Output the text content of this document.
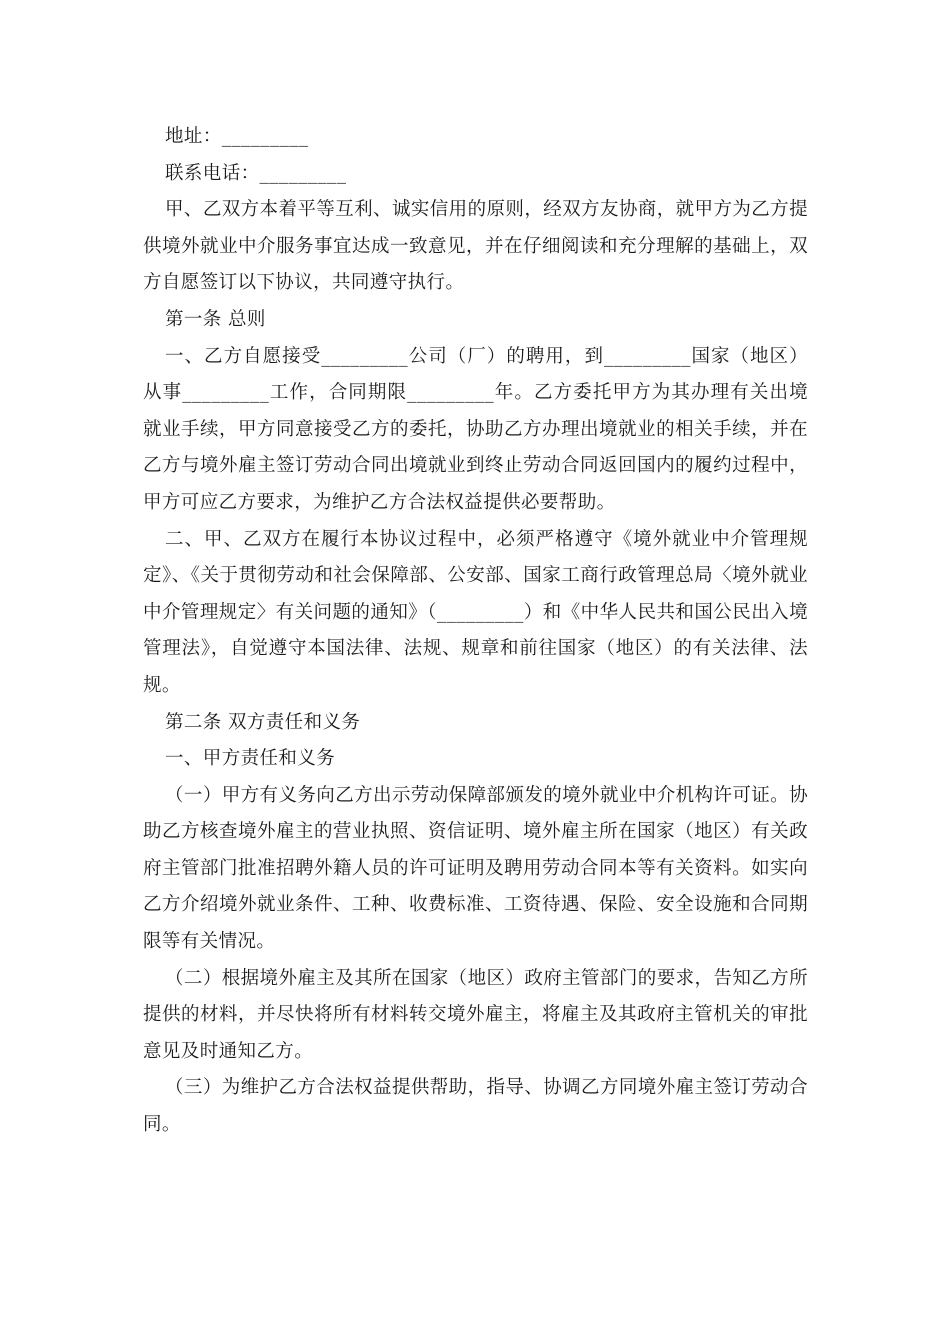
地址：_________

联系电话：_________

甲、乙双方本着平等互利、诚实信用的原则，经双方友协商，就甲方为乙方提供境外就业中介服务事宜达成一致意见，并在仔细阅读和充分理解的基础上，双方自愿签订以下协议，共同遵守执行。

第一条 总则

一、乙方自愿接受_________公司（厂）的聘用，到_________国家（地区）从事_________工作，合同期限_________年。乙方委托甲方为其办理有关出境就业手续，甲方同意接受乙方的委托，协助乙方办理出境就业的相关手续，并在乙方与境外雇主签订劳动合同出境就业到终止劳动合同返回国内的履约过程中，甲方可应乙方要求，为维护乙方合法权益提供必要帮助。

二、甲、乙双方在履行本协议过程中，必须严格遵守《境外就业中介管理规定》、《关于贯彻劳动和社会保障部、公安部、国家工商行政管理总局〈境外就业中介管理规定〉有关问题的通知》（_________）和《中华人民共和国公民出入境管理法》，自觉遵守本国法律、法规、规章和前往国家（地区）的有关法律、法规。

第二条 双方责任和义务

一、甲方责任和义务

（一）甲方有义务向乙方出示劳动保障部颁发的境外就业中介机构许可证。协助乙方核查境外雇主的营业执照、资信证明、境外雇主所在国家（地区）有关政府主管部门批准招聘外籍人员的许可证明及聘用劳动合同本等有关资料。如实向乙方介绍境外就业条件、工种、收费标准、工资待遇、保险、安全设施和合同期限等有关情况。

（二）根据境外雇主及其所在国家（地区）政府主管部门的要求，告知乙方所提供的材料，并尽快将所有材料转交境外雇主，将雇主及其政府主管机关的审批意见及时通知乙方。

（三）为维护乙方合法权益提供帮助，指导、协调乙方同境外雇主签订劳动合同。
